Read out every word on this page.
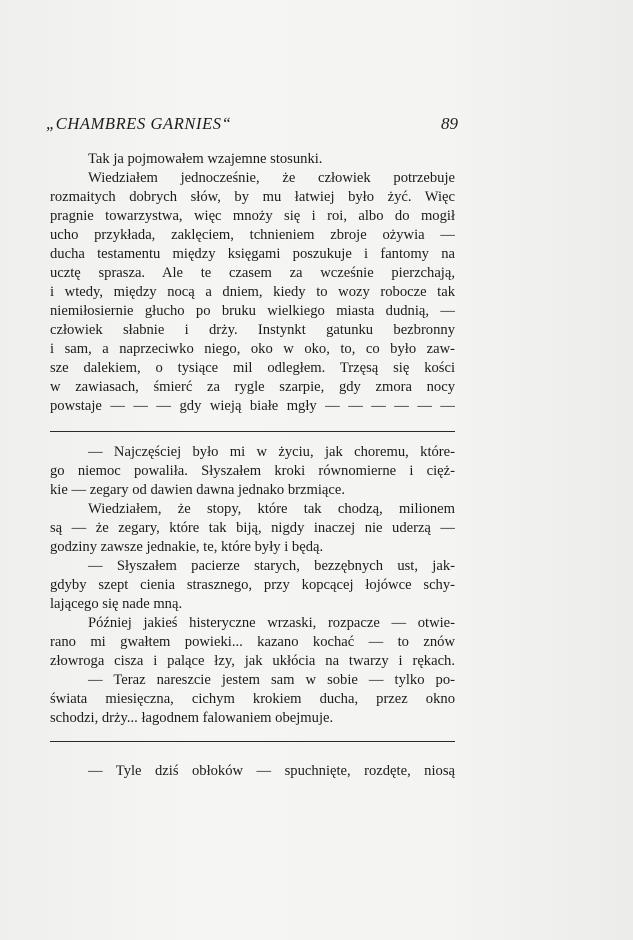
„CHAMBRES GARNIES“	89
Tak ja pojmowałem wzajemne stosunki.
Wiedziałem jednocześnie, że człowiek potrzebuje
rozmaitych dobrych słów, by mu łatwiej było żyć. Więc
pragnie towarzystwa, więc mnoży się i roi, albo do mogił
ucho przykłada, zaklęciem, tchnieniem zbroje ożywia —
ducha testamentu między księgami poszukuje i fantomy na
ucztę sprasza. Ale te czasem za wcześnie pierzchają,
i wtedy, między nocą a dniem, kiedy to wozy robocze tak
niemiłosiernie głucho po bruku wielkiego miasta dudnią, —
człowiek słabnie i drży. Instynkt gatunku bezbronny
i sam, a naprzeciwko niego, oko w oko, to, co było zaw-
sze dalekiem, o tysiące mil odległem. Trzęsą się kości
w zawiasach, śmierć za rygle szarpie, gdy zmora nocy
powstaje — — — gdy wieją białe mgły — — — — — —
— Najczęściej było mi w życiu, jak choremu, które-
go niemoc powaliła. Słyszałem kroki równomierne i cięż-
kie — zegary od dawien dawna jednako brzmiące.
Wiedziałem, że stopy, które tak chodzą, milionem
są — że zegary, które tak biją, nigdy inaczej nie uderzą —
godziny zawsze jednakie, te, które były i będą.
— Słyszałem pacierze starych, bezzębnych ust, jak-
gdyby szept cienia strasznego, przy kopcącej łojówce schy-
lającego się nade mną.
Później jakieś histeryczne wrzaski, rozpacze — otwie-
rano mi gwałtem powieki... kazano kochać — to znów
złowroga cisza i palące łzy, jak ukłócia na twarzy i rękach.
— Teraz nareszcie jestem sam w sobie — tylko po-
świata miesięczna, cichym krokiem ducha, przez okno
schodzi, drży... łagodnem falowaniem obejmuje.
— Tyle dziś obłoków — spuchnięte, rozdęte, niosą
